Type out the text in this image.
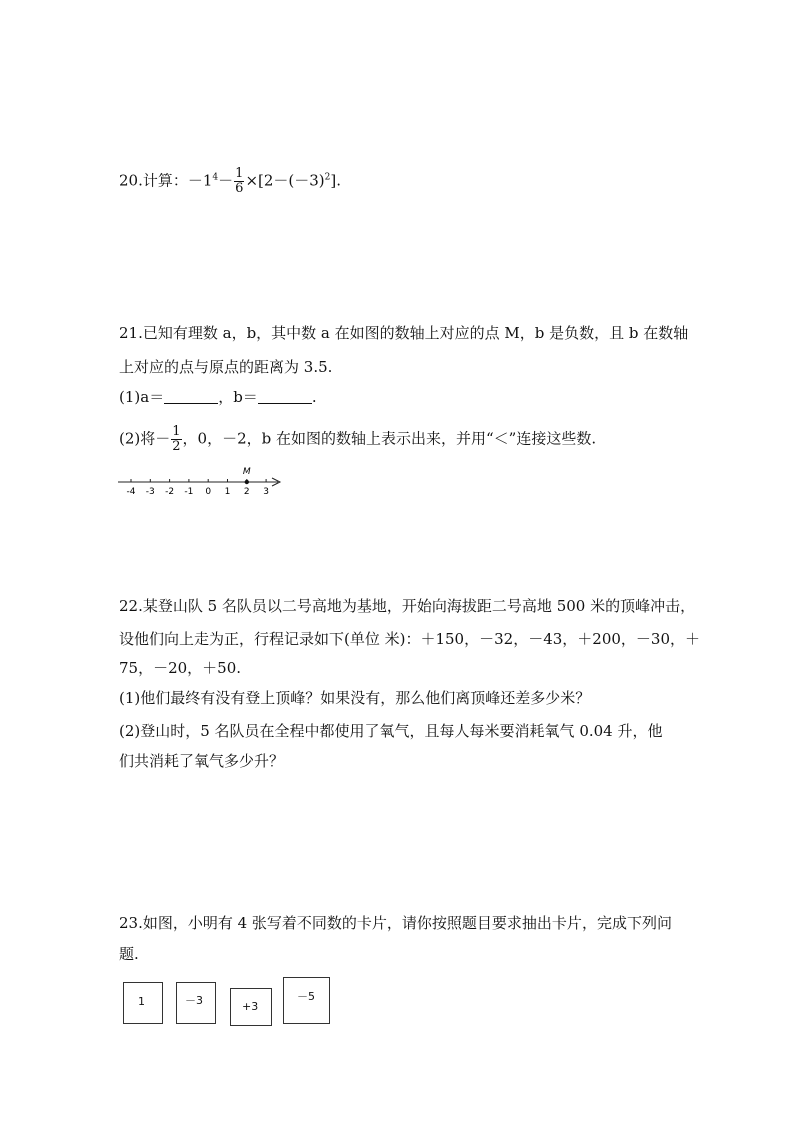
20.计算：$-1^4- \frac{1}{6} \times[2-(-3)^2]$.
21.已知有理数 a，b，其中数 a 在如图的数轴上对应的点 M，b 是负数，且 b 在数轴
上对应的点与原点的距离为 3.5.
(1)a＝	，b＝	.
(2)将－ $\frac{1}{2}$ ，0，－2，b 在如图的数轴上表示出来，并用“＜”连接这些数.
-4 -3 -2 -1 0 1 2 3
M
22.某登山队 5 名队员以二号高地为基地，开始向海拔距二号高地 500 米的顶峰冲击，
设他们向上走为正，行程记录如下(单位 米)：＋150，－32，－43，＋200，－30，＋
75，－20，＋50.
(1)他们最终有没有登上顶峰？如果没有，那么他们离顶峰还差多少米？
(2)登山时，5 名队员在全程中都使用了氧气，且每人每米要消耗氧气 0.04 升，他
们共消耗了氧气多少升？
23.如图，小明有 4 张写着不同数的卡片，请你按照题目要求抽出卡片，完成下列问
题.
1	－3	+3
－5
